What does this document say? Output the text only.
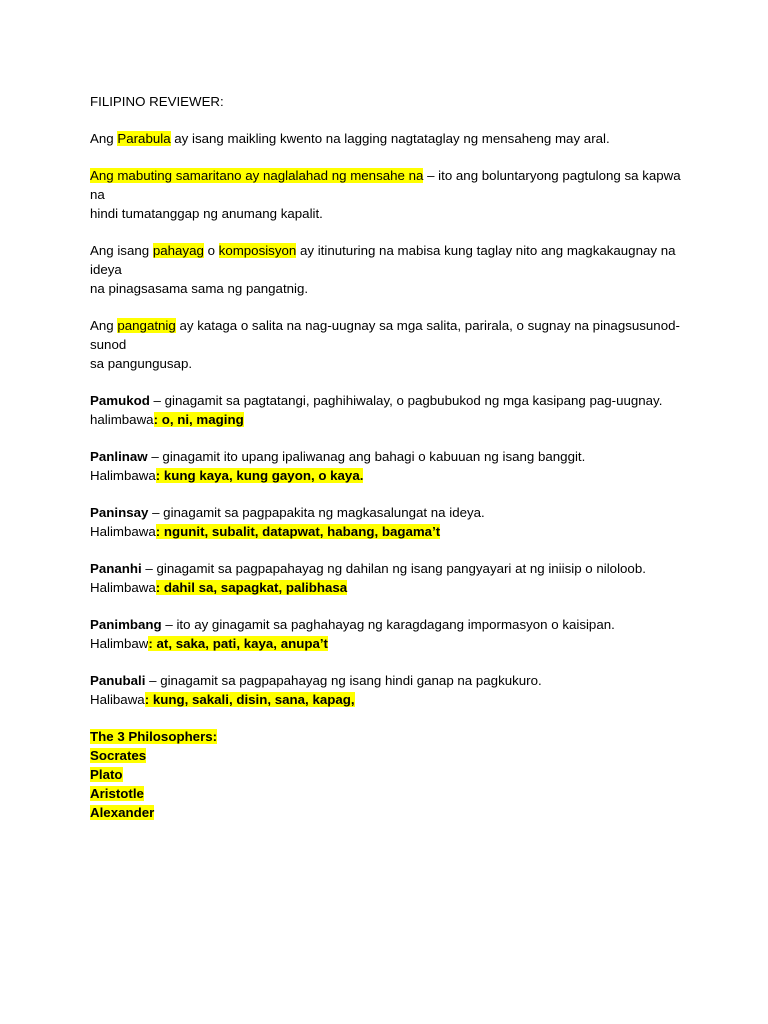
FILIPINO REVIEWER:

Ang Parabula ay isang maikling kwento na lagging nagtataglay ng mensaheng may aral.

Ang mabuting samaritano ay naglalahad ng mensahe na – ito ang boluntaryong pagtulong sa kapwa na
hindi tumatanggap ng anumang kapalit.

Ang isang pahayag o komposisyon ay itinuturing na mabisa kung taglay nito ang magkakaugnay na ideya
na pinagsasama sama ng pangatnig.

Ang pangatnig ay kataga o salita na nag-uugnay sa mga salita, parirala, o sugnay na pinagsusunod-sunod
sa pangungusap.

Pamukod – ginagamit sa pagtatangi, paghihiwalay, o pagbubukod ng mga kasipang pag-uugnay.
halimbawa: o, ni, maging

Panlinaw – ginagamit ito upang ipaliwanag ang bahagi o kabuuan ng isang banggit.
Halimbawa: kung kaya, kung gayon, o kaya.

Paninsay – ginagamit sa pagpapakita ng magkasalungat na ideya.
Halimbawa: ngunit, subalit, datapwat, habang, bagama’t

Pananhi – ginagamit sa pagpapahayag ng dahilan ng isang pangyayari at ng iniisip o niloloob.
Halimbawa: dahil sa, sapagkat, palibhasa

Panimbang – ito ay ginagamit sa paghahayag ng karagdagang impormasyon o kaisipan.
Halimbaw: at, saka, pati, kaya, anupa’t

Panubali – ginagamit sa pagpapahayag ng isang hindi ganap na pagkukuro.
Halibawa: kung, sakali, disin, sana, kapag,

The 3 Philosophers:

Socrates

Plato

Aristotle

Alexander
